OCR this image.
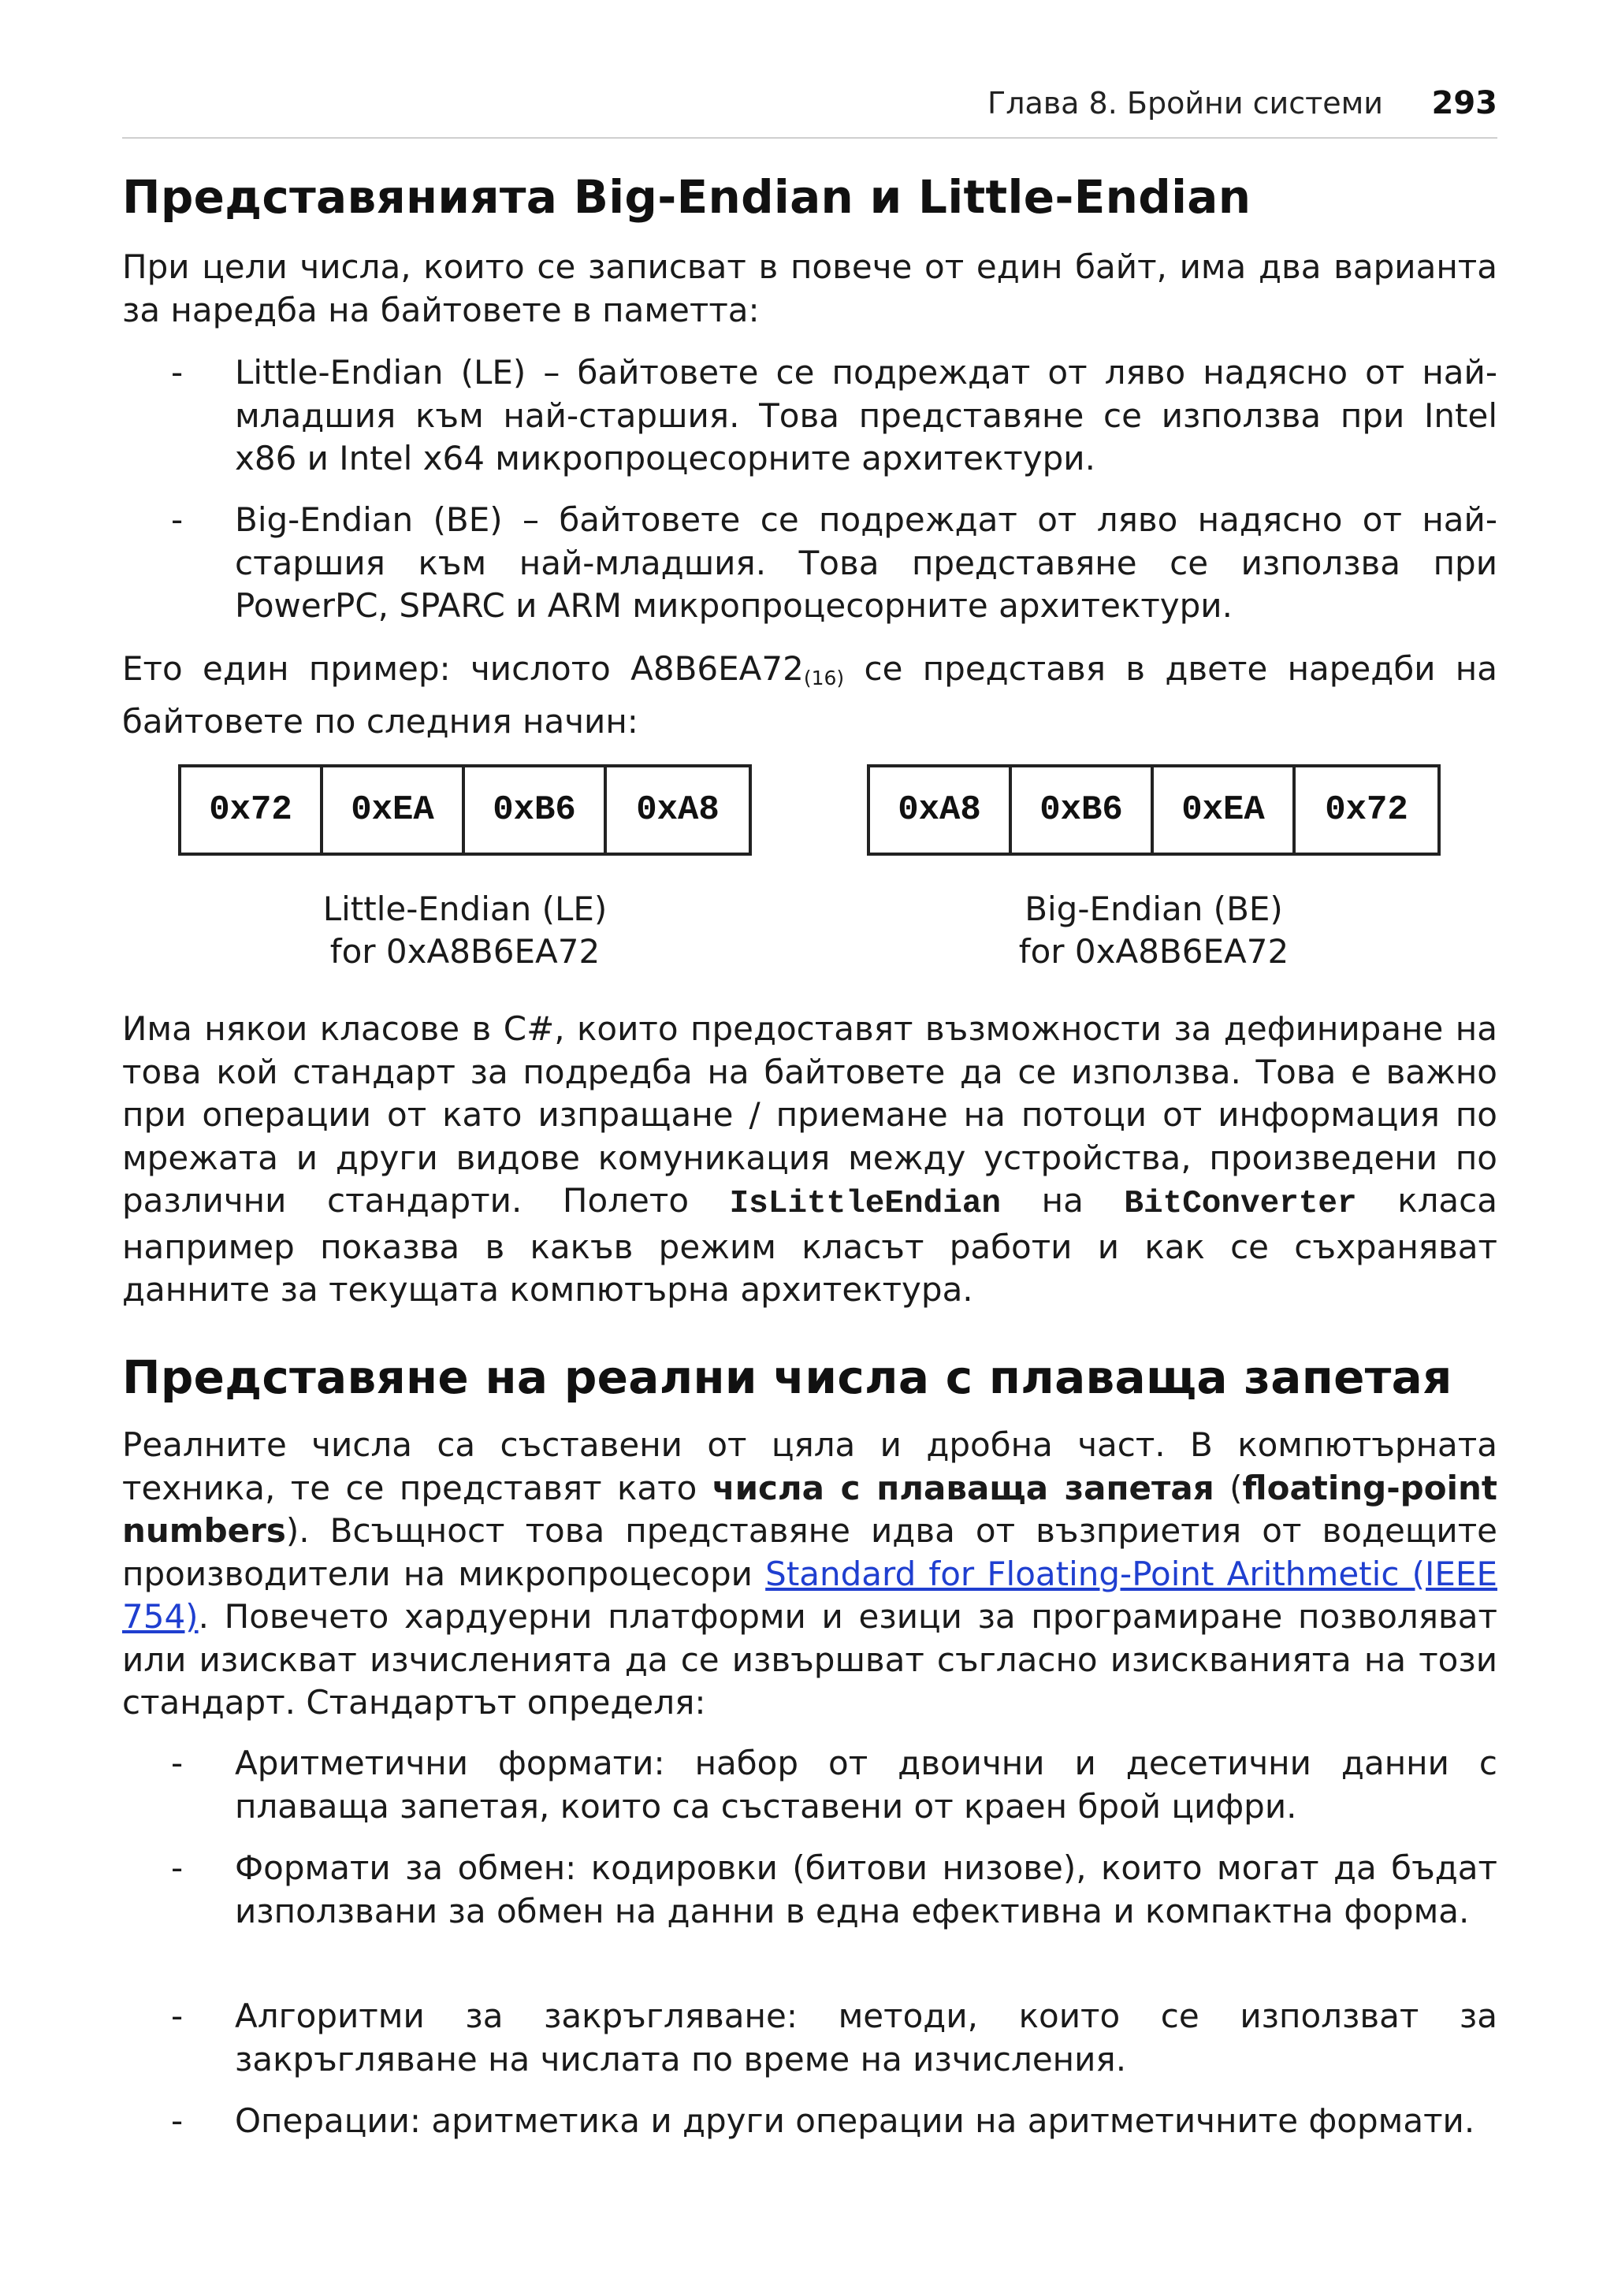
Глава 8. Бройни системи 293
Представянията Big-Endian и Little-Endian

При цели числа, които се записват в повече от един байт, има два варианта за наредба на байтовете в паметта:

- Little-Endian (LE) – байтовете се подреждат от ляво надясно от най-младшия към най-старшия. Това представяне се използва при Intel x86 и Intel x64 микропроцесорните архитектури.
- Big-Endian (BE) – байтовете се подреждат от ляво надясно от най-старшия към най-младшия. Това представяне се използва при PowerPC, SPARC и ARM микропроцесорните архитектури.

Ето един пример: числото $A8B6EA72_{(16)}$ се представя в двете наредби на байтовете по следния начин:

0x72	0xEA	0xB6	0xA8	0xA8	0xB6	0xEA	0x72
Little-Endian (LE)
for 0xA8B6EA72
Big-Endian (BE)
for 0xA8B6EA72

Има някои класове в C#, които предоставят възможности за дефиниране на това кой стандарт за подредба на байтовете да се използва. Това е важно при операции от като изпращане / приемане на потоци от информация по мрежата и други видове комуникация между устройства, произведени по различни стандарти. Полето IsLittleEndian на BitConverter класа например показва в какъв режим класът работи и как се съхраняват данните за текущата компютърна архитектура.

Представяне на реални числа с плаваща запетая

Реалните числа са съставени от цяла и дробна част. В компютърната техника, те се представят като числа с плаваща запетая (floating-point numbers). Всъщност това представяне идва от възприетия от водещите производители на микропроцесори Standard for Floating-Point Arithmetic (IEEE 754). Повечето хардуерни платформи и езици за програмиране позволяват или изискват изчисленията да се извършват съгласно изискванията на този стандарт. Стандартът определя:

- Аритметични формати: набор от двоични и десетични данни с плаваща запетая, които са съставени от краен брой цифри.
- Формати за обмен: кодировки (битови низове), които могат да бъдат използвани за обмен на данни в една ефективна и компактна форма.
- Алгоритми за закръгляване: методи, които се използват за закръгляване на числата по време на изчисления.
- Операции: аритметика и други операции на аритметичните формати.
